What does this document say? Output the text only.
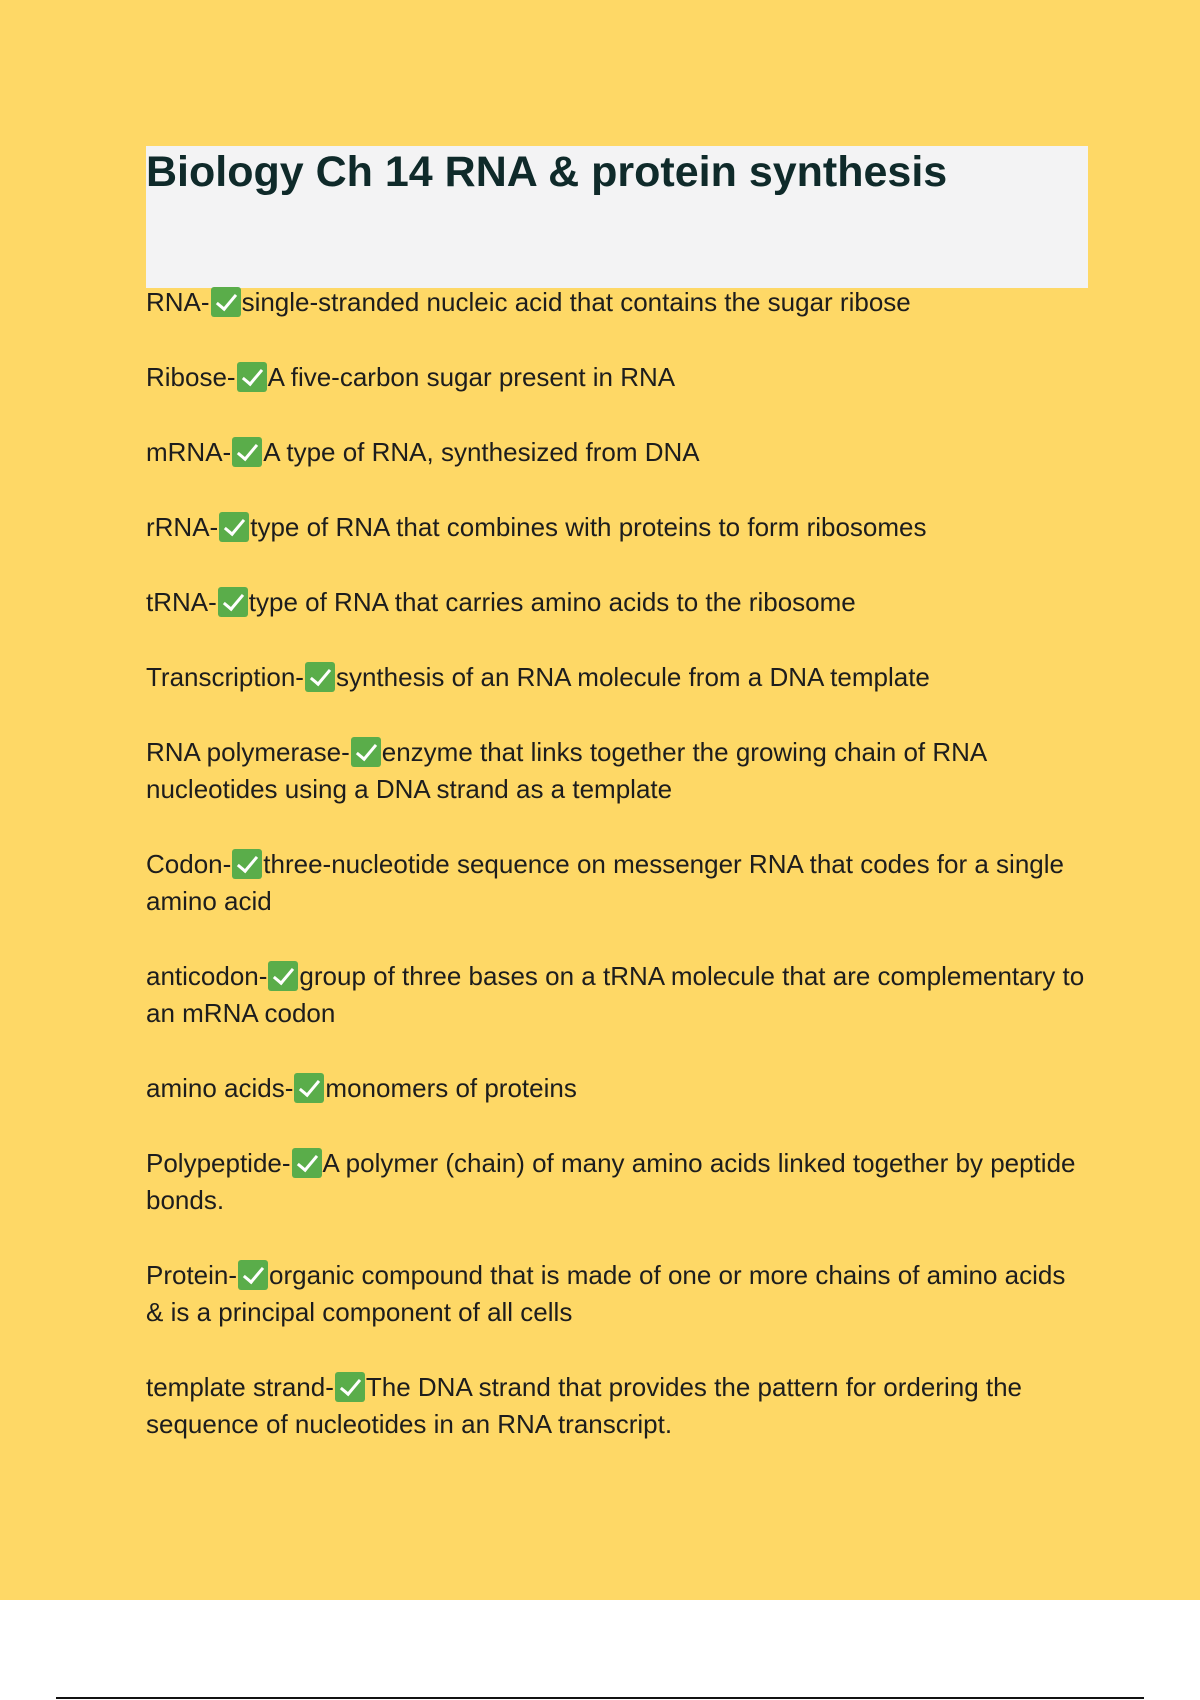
Biology Ch 14 RNA & protein synthesis

RNA- single-stranded nucleic acid that contains the sugar ribose

Ribose- A five-carbon sugar present in RNA

mRNA- A type of RNA, synthesized from DNA

rRNA- type of RNA that combines with proteins to form ribosomes

tRNA- type of RNA that carries amino acids to the ribosome

Transcription- synthesis of an RNA molecule from a DNA template

RNA polymerase- enzyme that links together the growing chain of RNA nucleotides using a DNA strand as a template

Codon- three-nucleotide sequence on messenger RNA that codes for a single amino acid

anticodon- group of three bases on a tRNA molecule that are complementary to an mRNA codon

amino acids- monomers of proteins

Polypeptide- A polymer (chain) of many amino acids linked together by peptide bonds.

Protein- organic compound that is made of one or more chains of amino acids & is a principal component of all cells

template strand- The DNA strand that provides the pattern for ordering the sequence of nucleotides in an RNA transcript.
